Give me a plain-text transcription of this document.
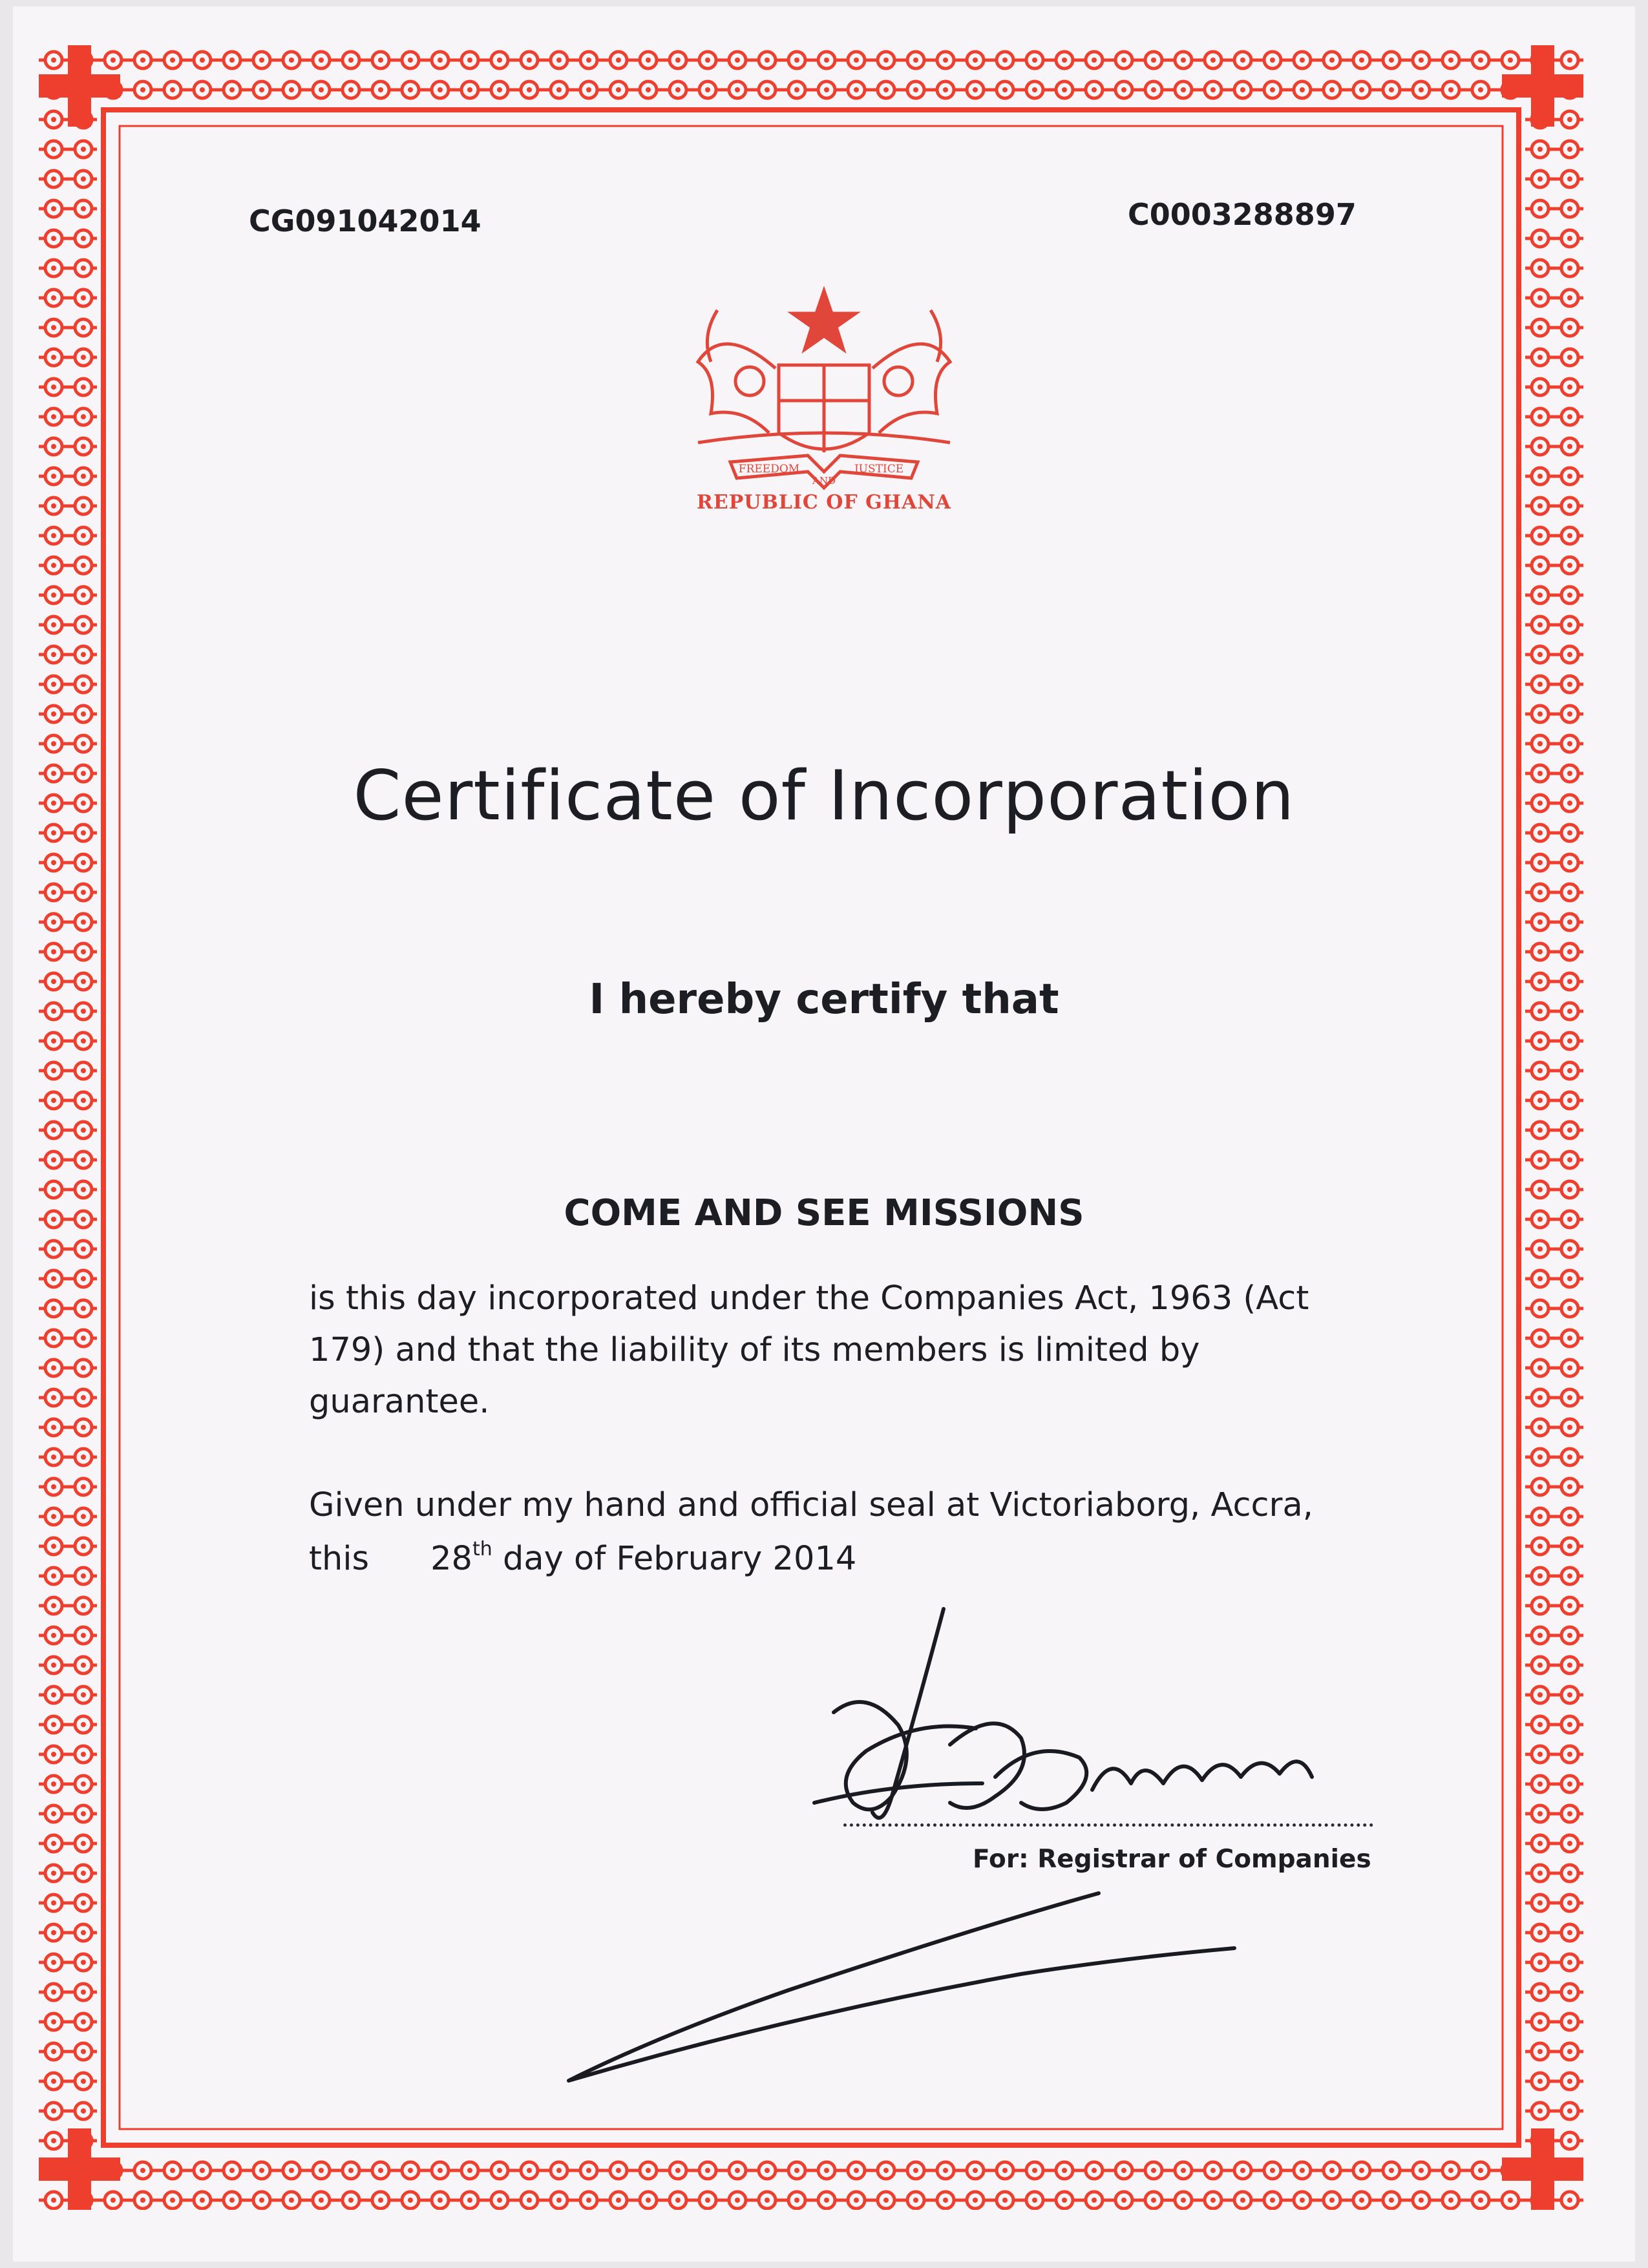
CG091042014	C0003288897
FREEDOM
AND
JUSTICE
REPUBLIC OF GHANA
Certificate of Incorporation
I hereby certify that
COME AND SEE MISSIONS
is this day incorporated under the Companies Act, 1963 (Act
179) and that the liability of its members is limited by
guarantee.
Given under my hand and official seal at Victoriaborg, Accra,
this 28th day of February 2014
For: Registrar of Companies
